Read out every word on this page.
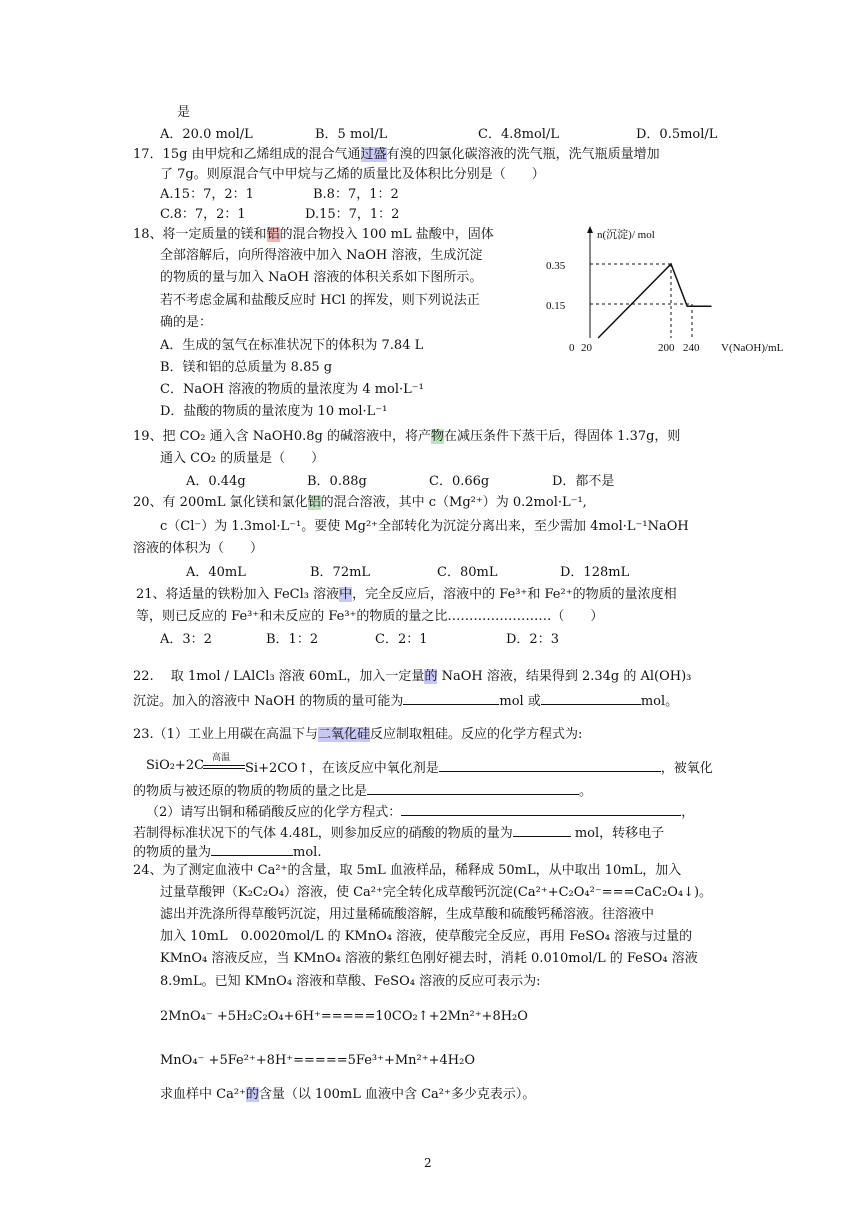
是
A．20.0 mol/L	B．5 mol/L	C．4.8mol/L	D．0.5mol/L
17．15g 由甲烷和乙烯组成的混合气通过盛有溴的四氯化碳溶液的洗气瓶，洗气瓶质量增加
了 7g。则原混合气中甲烷与乙烯的质量比及体积比分别是（　　）
A.15：7，2：1	B.8：7，1：2
C.8：7，2：1	D.15：7，1：2
18、将一定质量的镁和铝的混合物投入 100 mL 盐酸中，固体
全部溶解后，向所得溶液中加入 NaOH 溶液，生成沉淀
的物质的量与加入 NaOH 溶液的体积关系如下图所示。
若不考虑金属和盐酸反应时 HCl 的挥发，则下列说法正
确的是：
A．生成的氢气在标准状况下的体积为 7.84 L
B．镁和铝的总质量为 8.85 g
C．NaOH 溶液的物质的量浓度为 4 mol·L⁻¹
D．盐酸的物质的量浓度为 10 mol·L⁻¹
n(沉淀)/ mol
0.35
0.15
0 20	200 240 V(NaOH)/mL
19、把 CO₂ 通入含 NaOH0.8g 的碱溶液中，将产物在减压条件下蒸干后，得固体 1.37g，则
通入 CO₂ 的质量是（　　）
A．0.44g	B．0.88g	C．0.66g	D．都不是
20、有 200mL 氯化镁和氯化铝的混合溶液，其中 c（Mg²⁺）为 0.2mol·L⁻¹,
c（Cl⁻）为 1.3mol·L⁻¹。要使 Mg²⁺全部转化为沉淀分离出来，至少需加 4mol·L⁻¹NaOH
溶液的体积为（　　）
A．40mL	B．72mL	C．80mL	D．128mL
21、将适量的铁粉加入 FeCl₃ 溶液中，完全反应后，溶液中的 Fe³⁺和 Fe²⁺的物质的量浓度相
等，则已反应的 Fe³⁺和未反应的 Fe³⁺的物质的量之比……………………（　　）
A．3：2	B．1：2	C．2：1	D．2：3
22.　 取 1mol / LAlCl₃ 溶液 60mL，加入一定量的 NaOH 溶液，结果得到 2.34g 的 Al(OH)₃
沉淀。加入的溶液中 NaOH 的物质的量可能为	mol 或	mol。
23.（1）工业上用碳在高温下与二氧化硅反应制取粗硅。反应的化学方程式为:
高温
SiO₂+2C	Si+2CO↑，在该反应中氧化剂是	，被氧化
的物质与被还原的物质的物质的量之比是	。
（2）请写出铜和稀硝酸反应的化学方程式：	，
若制得标准状况下的气体 4.48L，则参加反应的硝酸的物质的量为	mol，转移电子
的物质的量为	mol.
24、为了测定血液中 Ca²⁺的含量，取 5mL 血液样品，稀释成 50mL，从中取出 10mL，加入
过量草酸钾（K₂C₂O₄）溶液，使 Ca²⁺完全转化成草酸钙沉淀(Ca²⁺+C₂O₄²⁻===CaC₂O₄↓)。
滤出并洗涤所得草酸钙沉淀，用过量稀硫酸溶解，生成草酸和硫酸钙稀溶液。往溶液中
加入 10mL　0.0020mol/L 的 KMnO₄ 溶液，使草酸完全反应，再用 FeSO₄ 溶液与过量的
KMnO₄ 溶液反应，当 KMnO₄ 溶液的紫红色刚好褪去时，消耗 0.010mol/L 的 FeSO₄ 溶液
8.9mL。已知 KMnO₄ 溶液和草酸、FeSO₄ 溶液的反应可表示为:
2MnO₄⁻ +5H₂C₂O₄+6H⁺=====10CO₂↑+2Mn²⁺+8H₂O
MnO₄⁻ +5Fe²⁺+8H⁺=====5Fe³⁺+Mn²⁺+4H₂O
求血样中 Ca²⁺的含量（以 100mL 血液中含 Ca²⁺多少克表示）。
2
